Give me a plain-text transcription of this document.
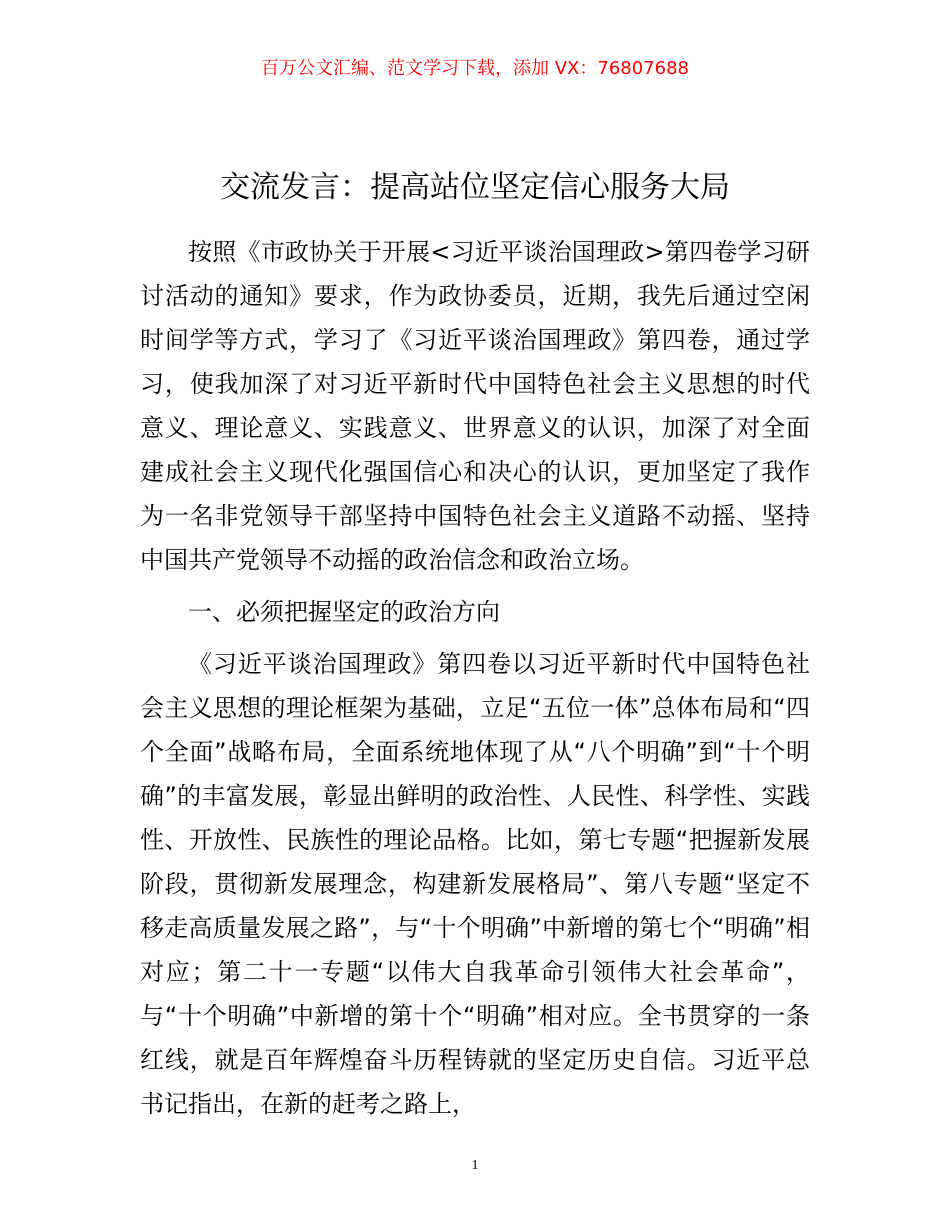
百万公文汇编、范文学习下载，添加 VX：76807688
交流发言：提高站位坚定信心服务大局

按照《市政协关于开展<习近平谈治国理政>第四卷学习研讨活动的通知》要求，作为政协委员，近期，我先后通过空闲时间学等方式，学习了《习近平谈治国理政》第四卷，通过学习，使我加深了对习近平新时代中国特色社会主义思想的时代意义、理论意义、实践意义、世界意义的认识，加深了对全面建成社会主义现代化强国信心和决心的认识，更加坚定了我作为一名非党领导干部坚持中国特色社会主义道路不动摇、坚持中国共产党领导不动摇的政治信念和政治立场。

一、必须把握坚定的政治方向

《习近平谈治国理政》第四卷以习近平新时代中国特色社会主义思想的理论框架为基础，立足“五位一体”总体布局和“四个全面”战略布局，全面系统地体现了从“八个明确”到“十个明确”的丰富发展，彰显出鲜明的政治性、人民性、科学性、实践性、开放性、民族性的理论品格。比如，第七专题“把握新发展阶段，贯彻新发展理念，构建新发展格局”、第八专题“坚定不移走高质量发展之路”，与“十个明确”中新增的第七个“明确”相对应；第二十一专题“以伟大自我革命引领伟大社会革命”，与“十个明确”中新增的第十个“明确”相对应。全书贯穿的一条红线，就是百年辉煌奋斗历程铸就的坚定历史自信。习近平总书记指出，在新的赶考之路上，

1
